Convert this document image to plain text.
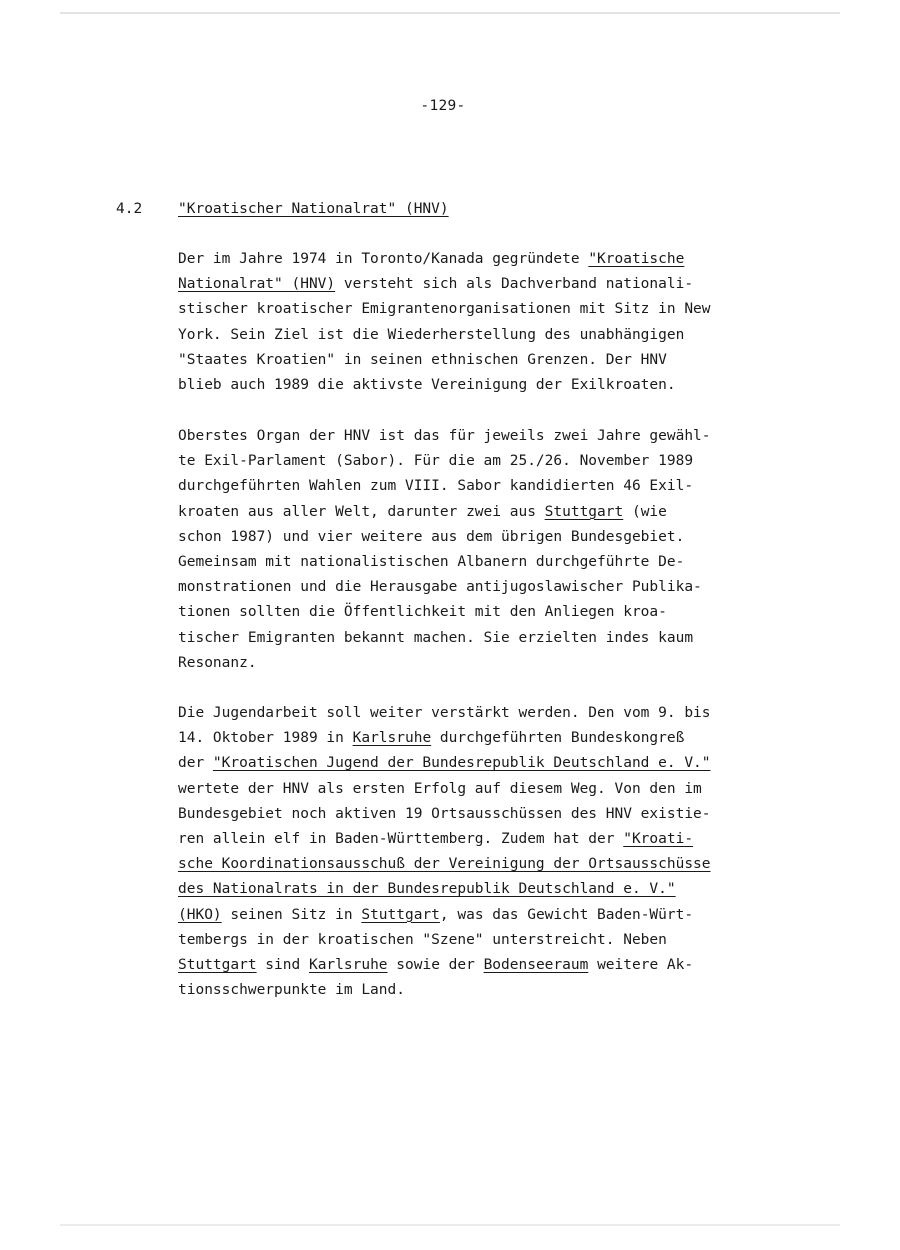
-129-
4.2 "Kroatischer Nationalrat" (HNV)
Der im Jahre 1974 in Toronto/Kanada gegründete "Kroatische
Nationalrat" (HNV) versteht sich als Dachverband nationali-
stischer kroatischer Emigrantenorganisationen mit Sitz in New
York. Sein Ziel ist die Wiederherstellung des unabhängigen
"Staates Kroatien" in seinen ethnischen Grenzen. Der HNV
blieb auch 1989 die aktivste Vereinigung der Exilkroaten.
Oberstes Organ der HNV ist das für jeweils zwei Jahre gewähl-
te Exil-Parlament (Sabor). Für die am 25./26. November 1989
durchgeführten Wahlen zum VIII. Sabor kandidierten 46 Exil-
kroaten aus aller Welt, darunter zwei aus Stuttgart (wie
schon 1987) und vier weitere aus dem übrigen Bundesgebiet.
Gemeinsam mit nationalistischen Albanern durchgeführte De-
monstrationen und die Herausgabe antijugoslawischer Publika-
tionen sollten die Öffentlichkeit mit den Anliegen kroa-
tischer Emigranten bekannt machen. Sie erzielten indes kaum
Resonanz.
Die Jugendarbeit soll weiter verstärkt werden. Den vom 9. bis
14. Oktober 1989 in Karlsruhe durchgeführten Bundeskongreß
der "Kroatischen Jugend der Bundesrepublik Deutschland e. V."
wertete der HNV als ersten Erfolg auf diesem Weg. Von den im
Bundesgebiet noch aktiven 19 Ortsausschüssen des HNV existie-
ren allein elf in Baden-Württemberg. Zudem hat der "Kroati-
sche Koordinationsausschuß der Vereinigung der Ortsausschüsse
des Nationalrats in der Bundesrepublik Deutschland e. V."
(HKO) seinen Sitz in Stuttgart, was das Gewicht Baden-Würt-
tembergs in der kroatischen "Szene" unterstreicht. Neben
Stuttgart sind Karlsruhe sowie der Bodenseeraum weitere Ak-
tionsschwerpunkte im Land.
